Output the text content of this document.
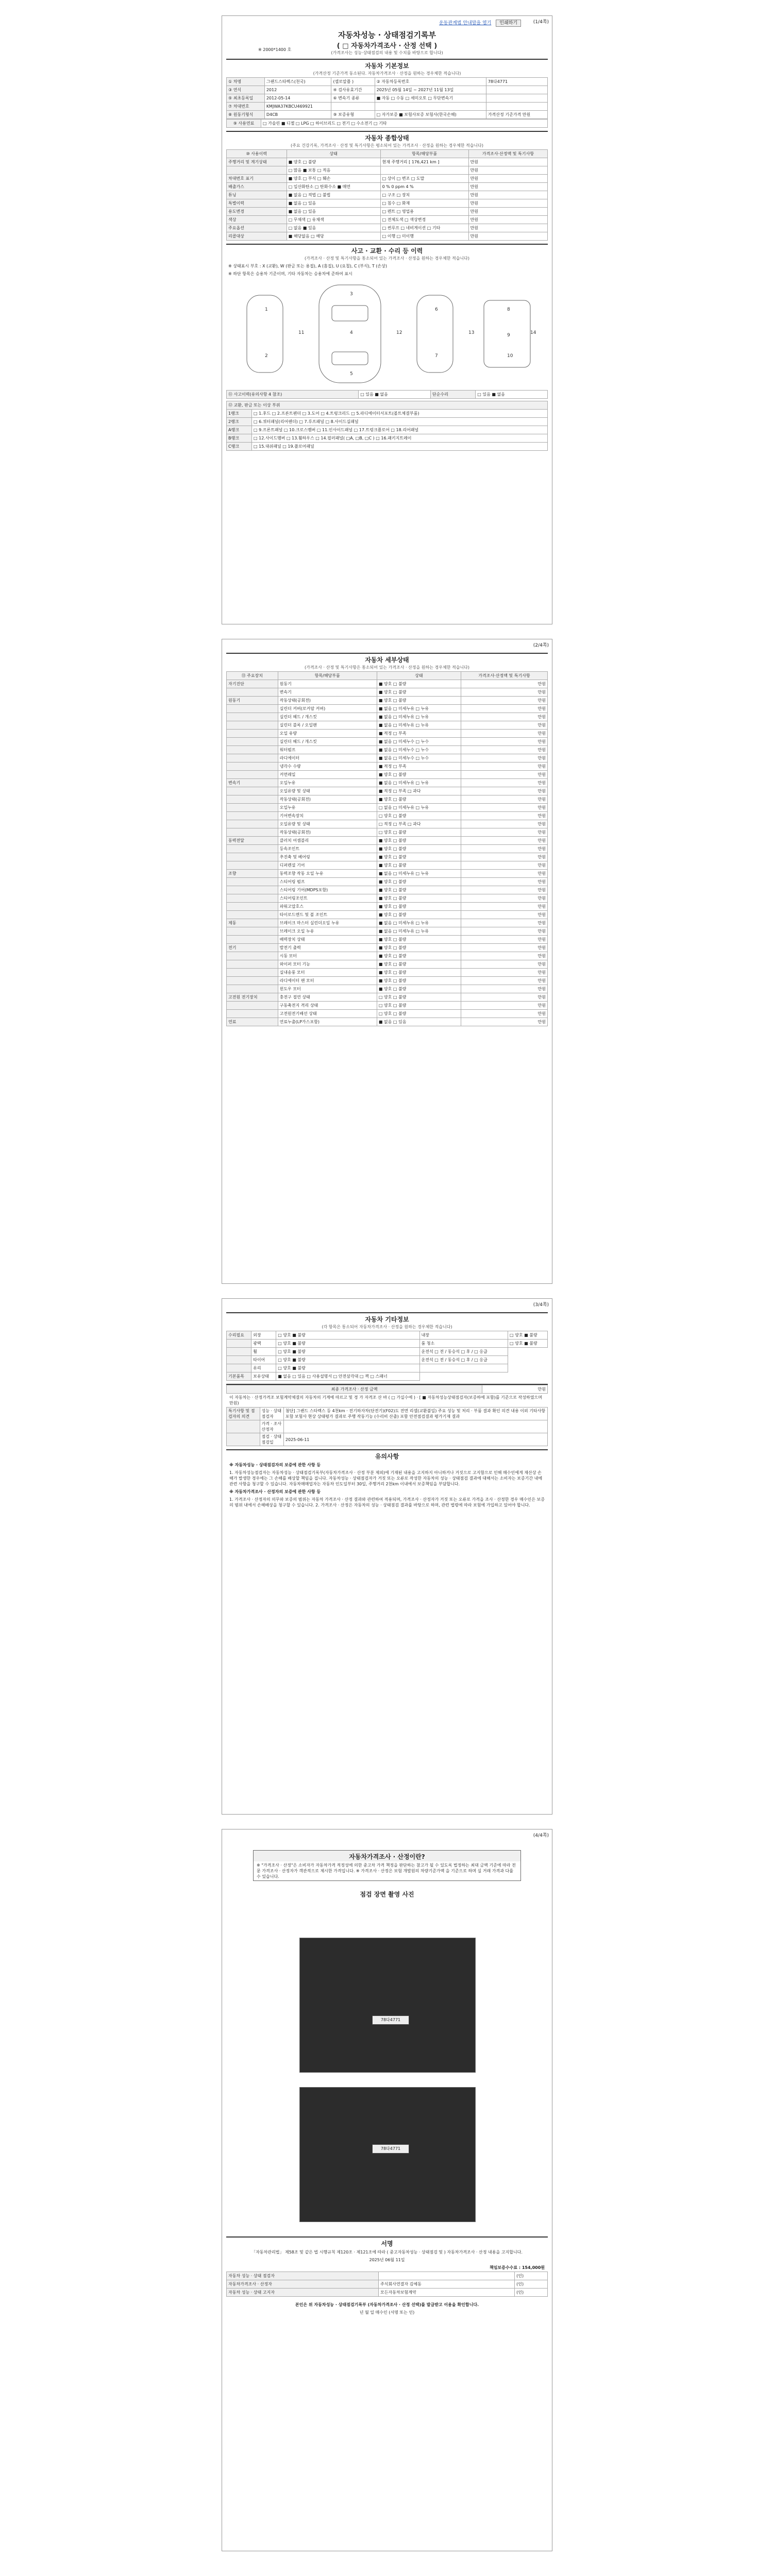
운동관계법 안내말을 열기 인쇄하기	(1/4쪽)
자동차성능 · 상태점검기록부
( □ 자동차가격조사 · 산정 선택 )
(가격조사는 성능·상태점검의 내용 및 수치를 바탕으로 합니다)
※ 2000*1400 호
자동차 기본정보
(가격산정 기준가격 동소된다. 자동차가격조사 · 산정을 원하는 경우체한 적습니다)
① 차명	그랜드스타렉스(천국)	(셀로알플 )	② 자동차등록번호	78다4771
③ 연식	2012	④ 검사유효기간	2025년 05월 14일 ~ 2027년 11월 13일	
⑤ 최초등록일	2012-05-14	⑥ 변속기 종류	■ 자동 □ 수동 □ 세미오토 □ 무단변속기	
⑦ 차대번호	KMJWA37KBCU469921			
⑧ 원동기형식	D4CB	⑨ 보증유형	□ 자가보증 ■ 보험사보증 보험사(한국손해)	가격산정 기준가격 만원
⑨ 사용연료	□ 가솔린 ■ 디젤 □ LPG □ 하이브리드 □ 전기 □ 수소전기 □ 기타
자동차 종합상태
(주요 건강기록, 가격조사 · 산정 및 특기사항은 평소되어 있는 가격조사 · 산정을 원하는 경우체한 적습니다)
⑩ 사용이력	상태	항목/해당부품	가격조사·산정액 및 특기사항
주행거리 및 계기상태	■ 양호 □ 불량	현재 주행거리 [ 176,421 km ]	만원
	□ 많음 ■ 보통 □ 적음		만원
차대번호 표기	■ 양호 □ 부식 □ 훼손	□ 상이 □ 변조 □ 도말	만원
배출가스	□ 일산화탄소 □ 탄화수소 ■ 매연	0 % 0 ppm 4 %	만원
튜닝	■ 없음 □ 적법 □ 불법	□ 구조 □ 장치	만원
특별이력	■ 없음 □ 있음	□ 침수 □ 화재	만원
용도변경	■ 없음 □ 있음	□ 렌트 □ 영업용	만원
색상	□ 무채색 □ 유채색	□ 전체도색 □ 색상변경	만원
주요옵션	□ 없음 ■ 있음	□ 썬루프 □ 네비게이션 □ 기타	만원
리콜대상	■ 해당없음 □ 해당	□ 이행 □ 미이행	만원
사고 · 교환 · 수리 등 이력
(가격조사 · 산정 및 특기사항을 통소되어 있는 가격조사 · 산정을 원하는 경우체한 적습니다)
※ 상태표시 부호 : X (교환), W (판금 또는 용접), A (흠집), U (요철), C (부식), T (손상)
※ 하단 항목은 승용차 기준이며, 기타 자동차는 승용차에 준하여 표시
1
2
3
4
5
6
7
8
9
10
11	12	13	14
⑪ 사고이력(유의사항 4 참조)	□ 있음 ■ 없음	단순수리	□ 있음 ■ 없음
⑫ 교환, 판금 또는 이상 부위	
1랭크	□ 1.후드 □ 2.프론트펜더 □ 3.도어 □ 4.트렁크리드 □ 5.라디에이터서포트(볼트체결부품)
2랭크	□ 6.쿼터패널(리어펜더) □ 7.루프패널 □ 8.사이드실패널
A랭크	□ 9.프론트패널 □ 10.크로스멤버 □ 11.인사이드패널 □ 17.트렁크플로어 □ 18.리어패널
B랭크	□ 12.사이드멤버 □ 13.휠하우스 □ 14.필러패널( □A, □B, □C ) □ 16.패키지트레이
C랭크	□ 15.대쉬패널 □ 19.플로어패널
(2/4쪽)
자동차 세부상태
(가격조사 · 산정 및 특기사항은 통소되어 있는 가격조사 · 산정을 원하는 경우체한 적습니다)
⑬ 주요장치	항목/해당부품	상태	가격조사·산정액 및 특기사항
자기진단	원동기	■ 양호 □ 불량	만원
	변속기	■ 양호 □ 불량	만원
원동기	작동상태(공회전)	■ 양호 □ 불량	만원
	실린더 커버(로커암 커버)	■ 없음 □ 미세누유 □ 누유	만원
	실린더 헤드 / 개스킷	■ 없음 □ 미세누유 □ 누유	만원
	실린더 블록 / 오일팬	■ 없음 □ 미세누유 □ 누유	만원
	오일 유량	■ 적정 □ 부족	만원
	실린더 헤드 / 개스킷	■ 없음 □ 미세누수 □ 누수	만원
	워터펌프	■ 없음 □ 미세누수 □ 누수	만원
	라디에이터	■ 없음 □ 미세누수 □ 누수	만원
	냉각수 수량	■ 적정 □ 부족	만원
	커먼레일	■ 양호 □ 불량	만원
변속기	오일누유	■ 없음 □ 미세누유 □ 누유	만원
	오일유량 및 상태	■ 적정 □ 부족 □ 과다	만원
	작동상태(공회전)	■ 양호 □ 불량	만원
	오일누유	□ 없음 □ 미세누유 □ 누유	만원
	기어변속장치	□ 양호 □ 불량	만원
	오일유량 및 상태	□ 적정 □ 부족 □ 과다	만원
	작동상태(공회전)	□ 양호 □ 불량	만원
동력전달	클러치 어셈블리	■ 양호 □ 불량	만원
	등속조인트	■ 양호 □ 불량	만원
	추진축 및 베어링	■ 양호 □ 불량	만원
	디퍼렌셜 기어	■ 양호 □ 불량	만원
조향	동력조향 작동 오일 누유	■ 없음 □ 미세누유 □ 누유	만원
	스티어링 펌프	■ 양호 □ 불량	만원
	스티어링 기어(MDPS포함)	■ 양호 □ 불량	만원
	스티어링조인트	■ 양호 □ 불량	만원
	파워고압호스	■ 양호 □ 불량	만원
	타이로드엔드 및 볼 조인트	■ 양호 □ 불량	만원
제동	브레이크 마스터 실린더오일 누유	■ 없음 □ 미세누유 □ 누유	만원
	브레이크 오일 누유	■ 없음 □ 미세누유 □ 누유	만원
	배력장치 상태	■ 양호 □ 불량	만원
전기	발전기 출력	■ 양호 □ 불량	만원
	시동 모터	■ 양호 □ 불량	만원
	와이퍼 모터 기능	■ 양호 □ 불량	만원
	실내송풍 모터	■ 양호 □ 불량	만원
	라디에이터 팬 모터	■ 양호 □ 불량	만원
	윈도우 모터	■ 양호 □ 불량	만원
고전원 전기장치	충전구 절연 상태	□ 양호 □ 불량	만원
	구동축전지 격리 상태	□ 양호 □ 불량	만원
	고전원전기배선 상태	□ 양호 □ 불량	만원
연료	연료누출(LP가스포함)	■ 없음 □ 있음	만원
(3/4쪽)
자동차 기타정보
(각 항목은 통소되어 자동차가격조사 · 산정을 원하는 경우체한 적습니다)
수리필요	외장	□ 양호 ■ 불량	내장	□ 양호 ■ 불량
	광택	□ 양호 ■ 불량	룸 청소	□ 양호 ■ 불량
	휠	□ 양호 ■ 불량	운전석 □ 전 / 동승석 □ 후 / □ 응급	
	타이어	□ 양호 ■ 불량	운전석 □ 전 / 동승석 □ 후 / □ 응급	
	유리	□ 양호 ■ 불량		
기본품목	보유상태	■ 없음 □ 있음 □ 사용설명서 □ 안전삼각대 □ 잭 □ 스패너		
최종 가격조사 · 산정 금액	만원
이 자동차는 · 산정가격조 보험계약체결의 자동차의 기계에 따르고 및 경 가 자격조 산 바 ( □ 가실수에 ) · [ ■ 자동차성능상태점검자(보증하에 포함)를 기준으로 작성하였으며 만원)
특기사항 및 점검자의 의견	성능 · 상태점검자	첨단] 그랜드 스타렉스 등 4천km · 전기하자차(단전기)(F02)도 전면 리셀(교환불일) 주요 성능 및 처리 · 부품 결과 확인 의견 내용 이외 기타사항 포함 보험사 현상 상태평가 결과로 주행 작동기능 (수리비 산출) 포함 안전점검결과 평가기재 결과
	가격 · 조사산정자	
	점검 · 상태점검일	2025-06-11
유의사항
※ 자동차성능 · 상태점검자의 보증에 관한 사항 등
1. 자동차성능점검자는 자동차성능 · 상태점검기록부(자동차가격조사 · 산정 부분 제외)에 기재된 내용을 고지하지 아니하거나 거짓으로 고지함으로 인해 매수인에게 재산상 손해가 발생한 경우에는 그 손해를 배상할 책임을 집니다. 자동차성능 · 상태점검자가 거짓 또는 오류로 작성한 자동차의 성능 · 상태점검 결과에 대해서는 소비자는 보증기간 내에 관련 사항을 청구할 수 있습니다. 자동차매매업자는 자동차 인도일부터 30일, 주행거리 2천km 이내에서 보증책임을 부담합니다.
※ 자동차가격조사 · 산정자의 보증에 관한 사항 등
1. 가격조사 · 산정자의 의무와 보증의 범위는 자동차 가격조사 · 산정 결과와 관련하여 적용되며, 가격조사 · 산정자가 거짓 또는 오류로 가격을 조사 · 산정한 경우 매수인은 보증의 범위 내에서 손해배상을 청구할 수 있습니다. 2. 가격조사 · 산정은 자동차의 성능 · 상태점검 결과를 바탕으로 하며, 관련 법령에 따라 보험에 가입하고 있어야 합니다.
(4/4쪽)
자동차가격조사 · 산정이란?
※ "가격조사 · 산정"은 소비자가 자동차가격 적정성에 의한 중고차 가격 책정을 판단하는 참고가 될 수 있도록 법정하는 최대 금액 기준에 따라 전문 가격조사 · 산정자가 객관적으로 제시한 가격입니다. ※ 가격조사 · 산정은 보험 개발원의 차량기준가액 을 기준으로 하며 실 거래 가격과 다를 수 있습니다.
점검 장면 촬영 사진
78다4771
78다4771
서명
「자동차관리법」 제58조 및 같은 법 시행규칙 제120조 · 제121조에 따라 ( 중고자동차성능 · 상태점검 및 ) 자동차가격조사 · 산정 내용을 고지합니다.
2025년 06월 11일
책임보증수수료 : 154,000원
자동차 성능 · 상태 점검자		(인)
자동차가격조사 · 산정자	주식회사연결자 김예동	(인)
자동차 성능 · 상태 고지자	모든자동차보험계약	(인)
본인은 위 자동차성능 · 상태점검기록부 (자동차가격조사 · 산정 선택)를 발급받고 이용을 확인합니다.
년 월 일 매수인 (서명 또는 인)
